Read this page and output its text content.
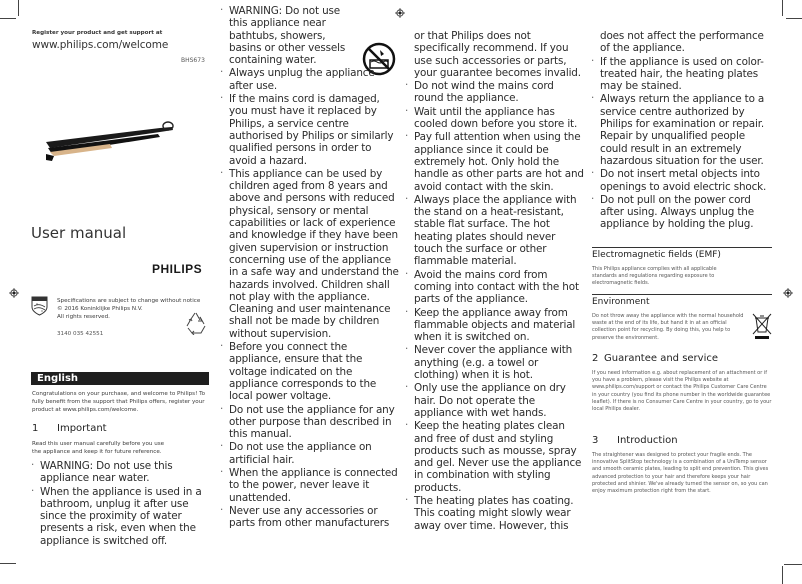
Register your product and get support at
www.philips.com/welcome
BHS673
User manual
PHILIPS
Specifications are subject to change without notice
© 2016 Koninklijke Philips N.V.
All rights reserved.
3140 035 42551
English
Congratulations on your purchase, and welcome to Philips! To fully benefit from the support that Philips offers, register your product at www.philips.com/welcome.
1 Important
Read this user manual carefully before you use the appliance and keep it for future reference.
· WARNING: Do not use this appliance near water.
· When the appliance is used in a bathroom, unplug it after use since the proximity of water presents a risk, even when the appliance is switched off.
· WARNING: Do not use this appliance near bathtubs, showers, basins or other vessels containing water.
· Always unplug the appliance after use.
· If the mains cord is damaged, you must have it replaced by Philips, a service centre authorised by Philips or similarly qualified persons in order to avoid a hazard.
· This appliance can be used by children aged from 8 years and above and persons with reduced physical, sensory or mental capabilities or lack of experience and knowledge if they have been given supervision or instruction concerning use of the appliance in a safe way and understand the hazards involved. Children shall not play with the appliance. Cleaning and user maintenance shall not be made by children without supervision.
· Before you connect the appliance, ensure that the voltage indicated on the appliance corresponds to the local power voltage.
· Do not use the appliance for any other purpose than described in this manual.
· Do not use the appliance on artificial hair.
· When the appliance is connected to the power, never leave it unattended.
· Never use any accessories or parts from other manufacturers
or that Philips does not specifically recommend. If you use such accessories or parts, your guarantee becomes invalid.
· Do not wind the mains cord round the appliance.
· Wait until the appliance has cooled down before you store it.
· Pay full attention when using the appliance since it could be extremely hot. Only hold the handle as other parts are hot and avoid contact with the skin.
· Always place the appliance with the stand on a heat-resistant, stable flat surface. The hot heating plates should never touch the surface or other flammable material.
· Avoid the mains cord from coming into contact with the hot parts of the appliance.
· Keep the appliance away from flammable objects and material when it is switched on.
· Never cover the appliance with anything (e.g. a towel or clothing) when it is hot.
· Only use the appliance on dry hair. Do not operate the appliance with wet hands.
· Keep the heating plates clean and free of dust and styling products such as mousse, spray and gel. Never use the appliance in combination with styling products.
· The heating plates has coating. This coating might slowly wear away over time. However, this
does not affect the performance of the appliance.
· If the appliance is used on color-treated hair, the heating plates may be stained.
· Always return the appliance to a service centre authorized by Philips for examination or repair. Repair by unqualified people could result in an extremely hazardous situation for the user.
· Do not insert metal objects into openings to avoid electric shock.
· Do not pull on the power cord after using. Always unplug the appliance by holding the plug.
Electromagnetic fields (EMF)
This Philips appliance complies with all applicable standards and regulations regarding exposure to electromagnetic fields.
Environment
Do not throw away the appliance with the normal household waste at the end of its life, but hand it in at an official collection point for recycling. By doing this, you help to preserve the environment.
2 Guarantee and service
If you need information e.g. about replacement of an attachment or if you have a problem, please visit the Philips website at www.philips.com/support or contact the Philips Customer Care Centre in your country (you find its phone number in the worldwide guarantee leaflet). If there is no Consumer Care Centre in your country, go to your local Philips dealer.
3 Introduction
The straightener was designed to protect your fragile ends. The innovative SplitStop technology is a combination of a UniTemp sensor and smooth ceramic plates, leading to split end prevention. This gives advanced protection to your hair and therefore keeps your hair protected and shinier. We've already turned the sensor on, so you can enjoy maximum protection right from the start.
